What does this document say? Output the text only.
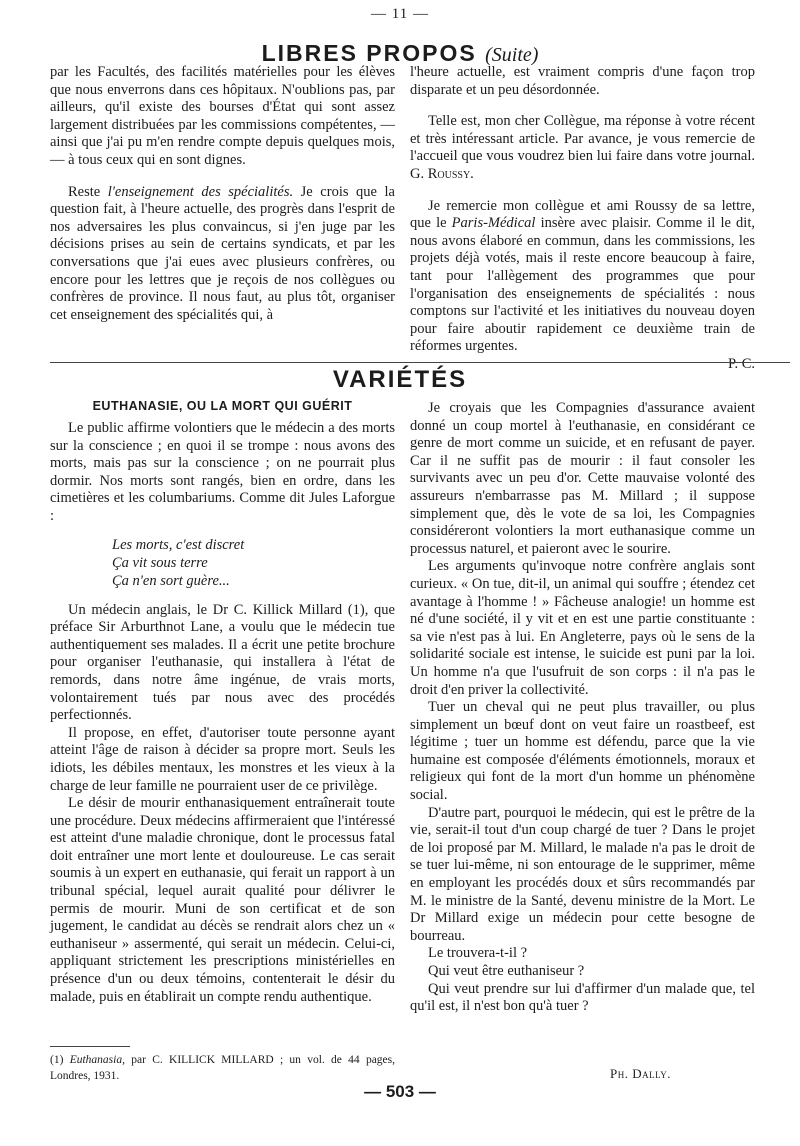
— 11 —
LIBRES PROPOS (Suite)

par les Facultés, des facilités matérielles pour les élèves que nous enverrons dans ces hôpitaux. N'oublions pas, par ailleurs, qu'il existe des bourses d'État qui sont assez largement distribuées par les commissions compétentes, — ainsi que j'ai pu m'en rendre compte depuis quelques mois, — à tous ceux qui en sont dignes.

Reste l'enseignement des spécialités. Je crois que la question fait, à l'heure actuelle, des progrès dans l'esprit de nos adversaires les plus convaincus, si j'en juge par les décisions prises au sein de certains syndicats, et par les conversations que j'ai eues avec plusieurs confrères, ou encore pour les lettres que je reçois de nos collègues ou confrères de province. Il nous faut, au plus tôt, organiser cet enseignement des spécialités qui, à

l'heure actuelle, est vraiment compris d'une façon trop disparate et un peu désordonnée.

Telle est, mon cher Collègue, ma réponse à votre récent et très intéressant article. Par avance, je vous remercie de l'accueil que vous voudrez bien lui faire dans votre journal. G. Roussy.

Je remercie mon collègue et ami Roussy de sa lettre, que le Paris-Médical insère avec plaisir. Comme il le dit, nous avons élaboré en commun, dans les commissions, les projets déjà votés, mais il reste encore beaucoup à faire, tant pour l'allègement des programmes que pour l'organisation des enseignements de spécialités : nous comptons sur l'activité et les initiatives du nouveau doyen pour faire aboutir rapidement ce deuxième train de réformes urgentes.

P. C.

VARIÉTÉS
EUTHANASIE, OU LA MORT QUI GUÉRIT

Le public affirme volontiers que le médecin a des morts sur la conscience ; en quoi il se trompe : nous avons des morts, mais pas sur la conscience ; on ne pourrait plus dormir. Nos morts sont rangés, bien en ordre, dans les cimetières et les columbariums. Comme dit Jules Laforgue :

Les morts, c'est discret
Ça vit sous terre
Ça n'en sort guère...

Un médecin anglais, le Dr C. Killick Millard (1), que préface Sir Arburthnot Lane, a voulu que le médecin tue authentiquement ses malades. Il a écrit une petite brochure pour organiser l'euthanasie, qui installera à l'état de remords, dans notre âme ingénue, de vrais morts, volontairement tués par nous avec des procédés perfectionnés.

Il propose, en effet, d'autoriser toute personne ayant atteint l'âge de raison à décider sa propre mort. Seuls les idiots, les débiles mentaux, les monstres et les vieux à la charge de leur famille ne pourraient user de ce privilège.

Le désir de mourir enthanasiquement entraînerait toute une procédure. Deux médecins affirmeraient que l'intéressé est atteint d'une maladie chronique, dont le processus fatal doit entraîner une mort lente et douloureuse. Le cas serait soumis à un expert en euthanasie, qui ferait un rapport à un tribunal spécial, lequel aurait qualité pour délivrer le permis de mourir. Muni de son certificat et de son jugement, le candidat au décès se rendrait alors chez un « euthaniseur » assermenté, qui serait un médecin. Celui-ci, appliquant strictement les prescriptions ministérielles en présence d'un ou deux témoins, contenterait le désir du malade, puis en établirait un compte rendu authentique.

Je croyais que les Compagnies d'assurance avaient donné un coup mortel à l'euthanasie, en considérant ce genre de mort comme un suicide, et en refusant de payer. Car il ne suffit pas de mourir : il faut consoler les survivants avec un peu d'or. Cette mauvaise volonté des assureurs n'embarrasse pas M. Millard ; il suppose simplement que, dès le vote de sa loi, les Compagnies considéreront volontiers la mort euthanasique comme un processus naturel, et paieront avec le sourire.

Les arguments qu'invoque notre confrère anglais sont curieux. « On tue, dit-il, un animal qui souffre ; étendez cet avantage à l'homme ! » Fâcheuse analogie! un homme est né d'une société, il y vit et en est une partie constituante : sa vie n'est pas à lui. En Angleterre, pays où le sens de la solidarité sociale est intense, le suicide est puni par la loi. Un homme n'a que l'usufruit de son corps : il n'a pas le droit d'en priver la collectivité.

Tuer un cheval qui ne peut plus travailler, ou plus simplement un bœuf dont on veut faire un roastbeef, est légitime ; tuer un homme est défendu, parce que la vie humaine est composée d'éléments émotionnels, moraux et religieux qui font de la mort d'un homme un phénomène social.

D'autre part, pourquoi le médecin, qui est le prêtre de la vie, serait-il tout d'un coup chargé de tuer ? Dans le projet de loi proposé par M. Millard, le malade n'a pas le droit de se tuer lui-même, ni son entourage de le supprimer, même en employant les procédés doux et sûrs recommandés par M. le ministre de la Santé, devenu ministre de la Mort. Le Dr Millard exige un médecin pour cette besogne de bourreau.

Le trouvera-t-il ?

Qui veut être euthaniseur ?

Qui veut prendre sur lui d'affirmer d'un malade que, tel qu'il est, il n'est bon qu'à tuer ?

(1) Euthanasia, par C. KILLICK MILLARD ; un vol. de 44 pages, Londres, 1931.	Ph. Dally.
— 503 —
